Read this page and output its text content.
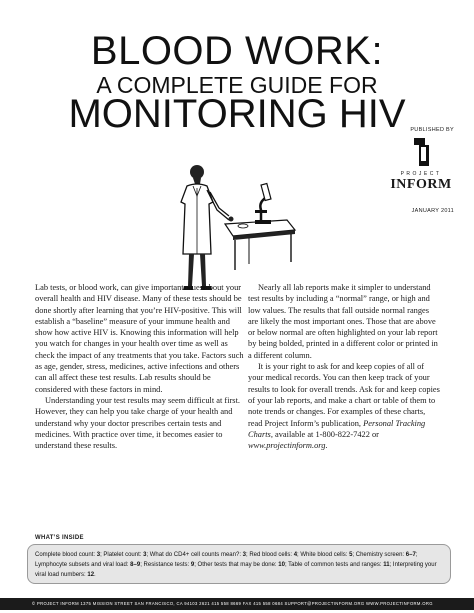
BLOOD WORK:
A COMPLETE GUIDE FOR
MONITORING HIV PUBLISHED BY
PROJECT
INFORM
JANUARY 2011

Lab tests, or blood work, can give important clues about your overall health and HIV disease. Many of these tests should be done shortly after learning that you’re HIV-positive. This will establish a “baseline” measure of your immune health and show how active HIV is. Knowing this information will help you watch for changes in your health over time as well as check the impact of any treatments that you take. Factors such as age, gender, stress, medicines, active infections and others can all affect these test results. Lab results should be considered with these factors in mind.

Understanding your test results may seem difficult at first. However, they can help you take charge of your health and understand why your doctor prescribes certain tests and medicines. With practice over time, it becomes easier to understand these results.

Nearly all lab reports make it simpler to understand test results by including a “normal” range, or high and low values. The results that fall outside normal ranges are likely the most important ones. Those that are above or below normal are often highlighted on your lab report by being bolded, printed in a different color or printed in a different column.

It is your right to ask for and keep copies of all of your medical records. You can then keep track of your results to look for overall trends. Ask for and keep copies of your lab reports, and make a chart or table of them to note trends or changes. For examples of these charts, read Project Inform’s publication, Personal Tracking Charts, available at 1-800-822-7422 or www.projectinform.org.

WHAT’S INSIDE
Complete blood count: 3; Platelet count: 3; What do CD4+ cell counts mean?: 3; Red blood cells: 4; White blood cells: 5; Chemistry screen: 6–7; Lymphocyte subsets and viral load: 8–9; Resistance tests: 9; Other tests that may be done: 10; Table of common tests and ranges: 11; Interpreting your viral load numbers: 12.
© PROJECT INFORM 1375 MISSION STREET SAN FRANCISCO, CA 94103 2621 415 558 8669 FAX 415 558 0684 SUPPORT@PROJECTINFORM.ORG WWW.PROJECTINFORM.ORG
